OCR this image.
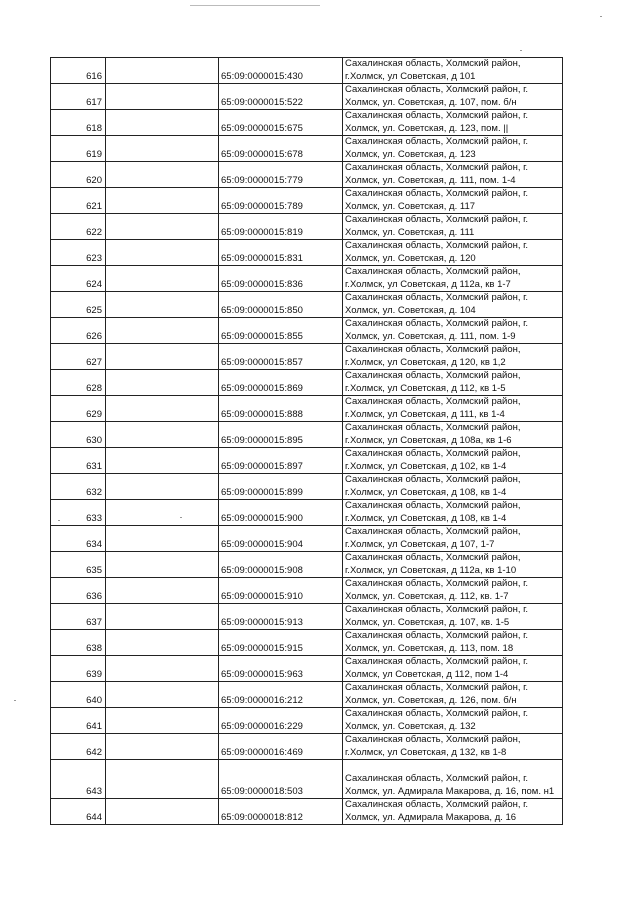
616		65:09:0000015:430	Сахалинская область, Холмский район,
г.Холмск, ул Советская, д 101

617		65:09:0000015:522	Сахалинская область, Холмский район, г.
Холмск, ул. Советская, д. 107, пом. б/н

618		65:09:0000015:675	Сахалинская область, Холмский район, г.
Холмск, ул. Советская, д. 123, пом. ||

619		65:09:0000015:678	Сахалинская область, Холмский район, г.
Холмск, ул. Советская, д. 123

620		65:09:0000015:779	Сахалинская область, Холмский район, г.
Холмск, ул. Советская, д. 111, пом. 1-4

621		65:09:0000015:789	Сахалинская область, Холмский район, г.
Холмск, ул. Советская, д. 117

622		65:09:0000015:819	Сахалинская область, Холмский район, г.
Холмск, ул. Советская, д. 111

623		65:09:0000015:831	Сахалинская область, Холмский район, г.
Холмск, ул. Советская, д. 120

624		65:09:0000015:836	Сахалинская область, Холмский район,
г.Холмск, ул Советская, д 112а, кв 1-7

625		65:09:0000015:850	Сахалинская область, Холмский район, г.
Холмск, ул. Советская, д. 104

626		65:09:0000015:855	Сахалинская область, Холмский район, г.
Холмск, ул. Советская, д. 111, пом. 1-9

627		65:09:0000015:857	Сахалинская область, Холмский район,
г.Холмск, ул Советская, д 120, кв 1,2

628		65:09:0000015:869	Сахалинская область, Холмский район,
г.Холмск, ул Советская, д 112, кв 1-5

629		65:09:0000015:888	Сахалинская область, Холмский район,
г.Холмск, ул Советская, д 111, кв 1-4

630		65:09:0000015:895	Сахалинская область, Холмский район,
г.Холмск, ул Советская, д 108а, кв 1-6

631		65:09:0000015:897	Сахалинская область, Холмский район,
г.Холмск, ул Советская, д 102, кв 1-4

632		65:09:0000015:899	Сахалинская область, Холмский район,
г.Холмск, ул Советская, д 108, кв 1-4

633		65:09:0000015:900	Сахалинская область, Холмский район,
г.Холмск, ул Советская, д 108, кв 1-4

634		65:09:0000015:904	Сахалинская область, Холмский район,
г.Холмск, ул Советская, д 107, 1-7

635		65:09:0000015:908	Сахалинская область, Холмский район,
г.Холмск, ул Советская, д 112а, кв 1-10

636		65:09:0000015:910	Сахалинская область, Холмский район, г.
Холмск, ул. Советская, д. 112, кв. 1-7

637		65:09:0000015:913	Сахалинская область, Холмский район, г.
Холмск, ул. Советская, д. 107, кв. 1-5

638		65:09:0000015:915	Сахалинская область, Холмский район, г.
Холмск, ул. Советская, д. 113, пом. 18

639		65:09:0000015:963	Сахалинская область, Холмский район, г.
Холмск, ул Советская, д 112, пом 1-4

640		65:09:0000016:212	Сахалинская область, Холмский район, г.
Холмск, ул. Советская, д. 126, пом. б/н

641		65:09:0000016:229	Сахалинская область, Холмский район, г.
Холмск, ул. Советская, д. 132

642		65:09:0000016:469	Сахалинская область, Холмский район,
г.Холмск, ул Советская, д 132, кв 1-8

643		65:09:0000018:503	Сахалинская область, Холмский район, г.
Холмск, ул. Адмирала Макарова, д. 16, пом. н1

644		65:09:0000018:812	Сахалинская область, Холмский район, г.
Холмск, ул. Адмирала Макарова, д. 16
